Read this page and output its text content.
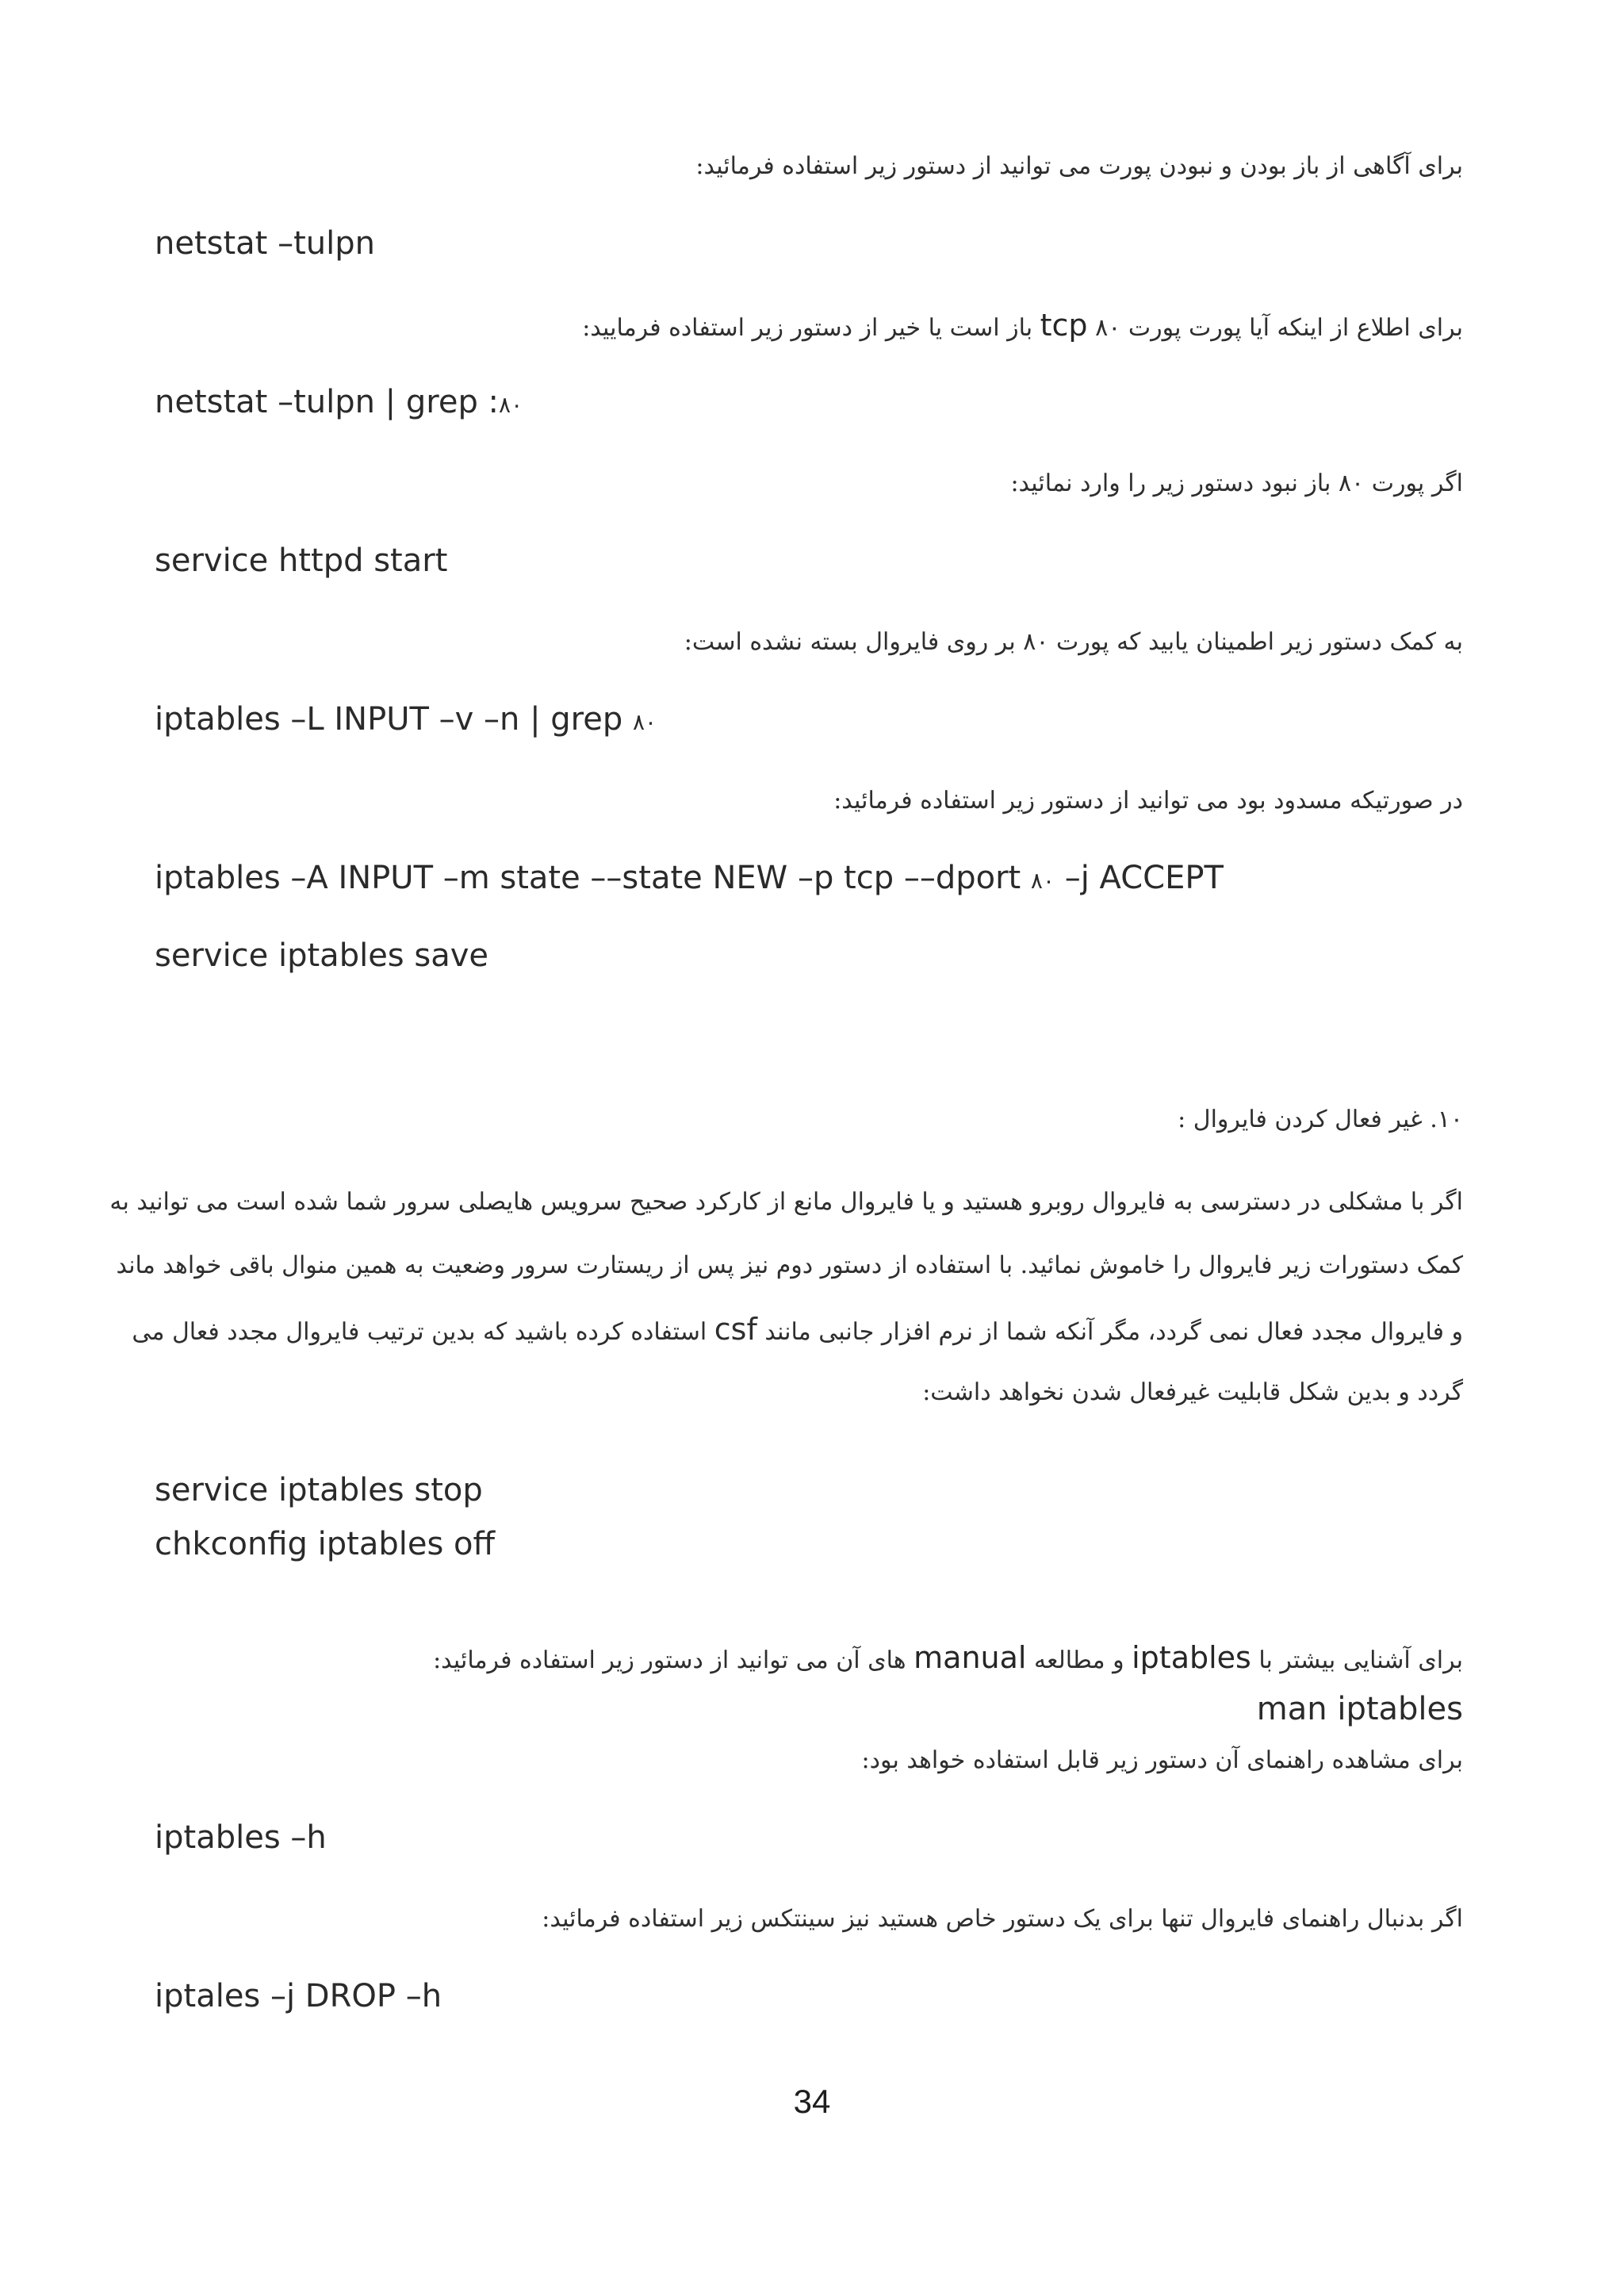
برای آگاهی از باز بودن و نبودن پورت می توانید از دستور زیر استفاده فرمائید:
netstat –tulpn
برای اطلاع از اینکه آیا پورت پورت ۸۰ tcp باز است یا خیر از دستور زیر استفاده فرمایید:
netstat –tulpn | grep :۸۰
اگر پورت ۸۰ باز نبود دستور زیر را وارد نمائید:
service httpd start
به کمک دستور زیر اطمینان یابید که پورت ۸۰ بر روی فایروال بسته نشده است:
iptables –L INPUT –v –n | grep ۸۰
در صورتیکه مسدود بود می توانید از دستور زیر استفاده فرمائید:
iptables –A INPUT –m state ––state NEW –p tcp ––dport ۸۰ –j ACCEPT
service iptables save
۱۰. غیر فعال کردن فایروال :
اگر با مشکلی در دسترسی به فایروال روبرو هستید و یا فایروال مانع از کارکرد صحیح سرویس هایصلی سرور شما شده است می توانید به
کمک دستورات زیر فایروال را خاموش نمائید. با استفاده از دستور دوم نیز پس از ریستارت سرور وضعیت به همین منوال باقی خواهد ماند
و فایروال مجدد فعال نمی گردد، مگر آنکه شما از نرم افزار جانبی مانند csf استفاده کرده باشید که بدین ترتیب فایروال مجدد فعال می
گردد و بدین شکل قابلیت غیرفعال شدن نخواهد داشت:
service iptables stop
chkconfig iptables off
برای آشنایی بیشتر با iptables و مطالعه manual های آن می توانید از دستور زیر استفاده فرمائید:
man iptables
برای مشاهده راهنمای آن دستور زیر قابل استفاده خواهد بود:
iptables –h
اگر بدنبال راهنمای فایروال تنها برای یک دستور خاص هستید نیز سینتکس زیر استفاده فرمائید:
iptales –j DROP –h
34
